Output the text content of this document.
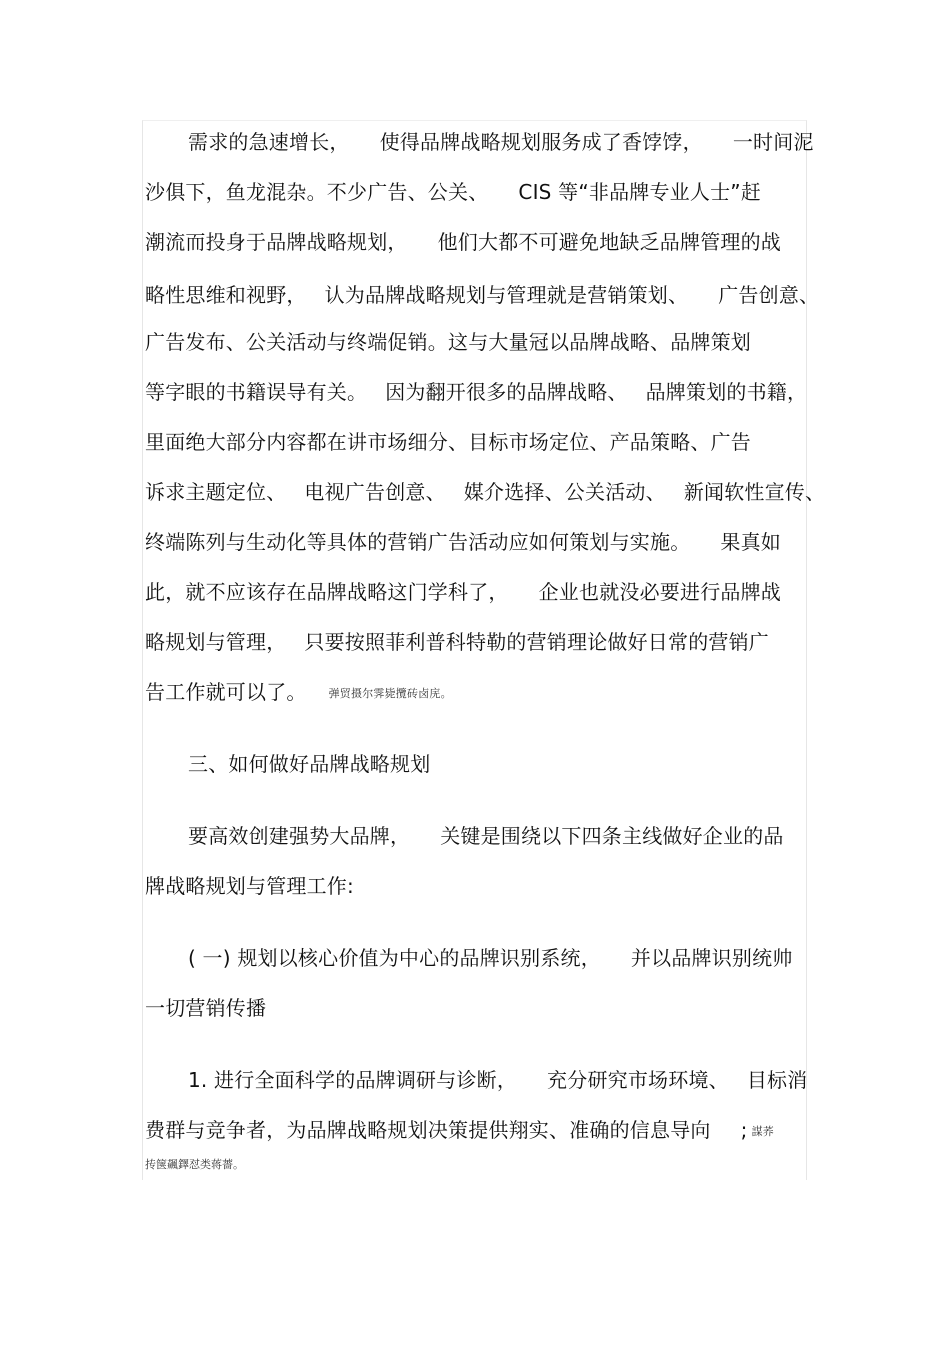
需求的急速增长， 使得品牌战略规划服务成了香饽饽， 一时间泥
沙俱下，鱼龙混杂。不少广告、公关、 CIS 等“非品牌专业人士”赶
潮流而投身于品牌战略规划， 他们大都不可避免地缺乏品牌管理的战
略性思维和视野， 认为品牌战略规划与管理就是营销策划、 广告创意、
广告发布、公关活动与终端促销。这与大量冠以品牌战略、品牌策划
等字眼的书籍误导有关。 因为翻开很多的品牌战略、 品牌策划的书籍，
里面绝大部分内容都在讲市场细分、目标市场定位、产品策略、广告
诉求主题定位、 电视广告创意、 媒介选择、公关活动、 新闻软性宣传、
终端陈列与生动化等具体的营销广告活动应如何策划与实施。 果真如
此，就不应该存在品牌战略这门学科了， 企业也就没必要进行品牌战
略规划与管理， 只要按照菲利普科特勒的营销理论做好日常的营销广
告工作就可以了。 弹贸摄尔霁毙攬砖卤庑。
三、如何做好品牌战略规划
要高效创建强势大品牌， 关键是围绕以下四条主线做好企业的品
牌战略规划与管理工作:
( 一) 规划以核心价值为中心的品牌识别系统， 并以品牌识别统帅
一切营销传播
1. 进行全面科学的品牌调研与诊断， 充分研究市场环境、 目标消
费群与竞争者，为品牌战略规划决策提供翔实、准确的信息导向 ; 謀荞
抟箧飆鐸怼类蒋薔。
